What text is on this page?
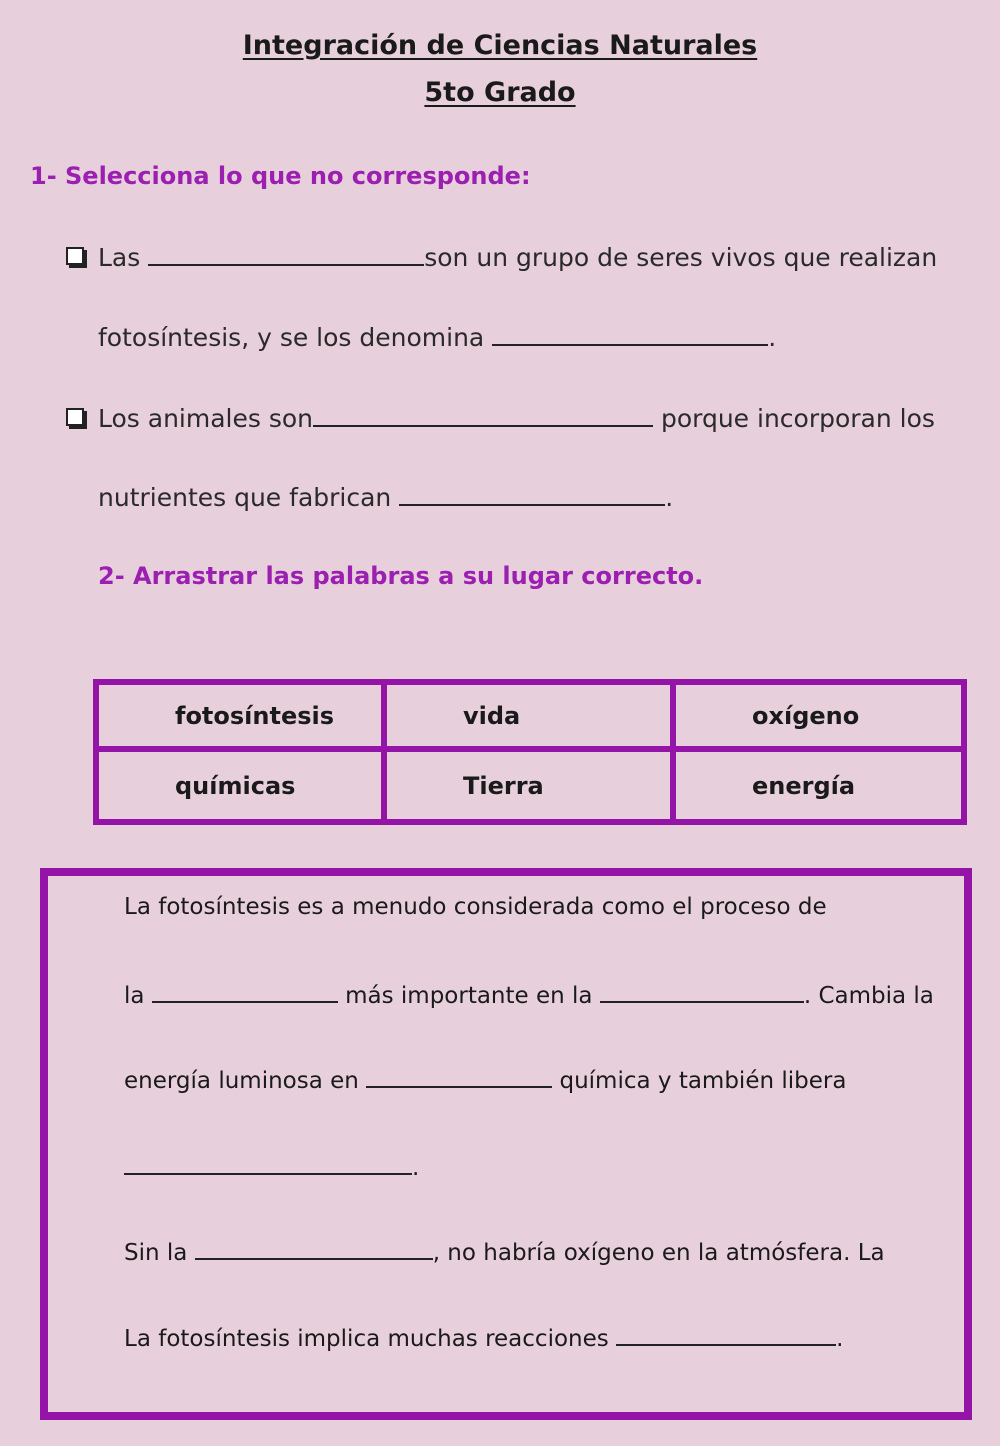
Integración de Ciencias Naturales
5to Grado

1- Selecciona lo que no corresponde:

Las	son un grupo de seres vivos que realizan

fotosíntesis, y se los denomina	.

Los animales son	porque incorporan los

nutrientes que fabrican	.

2- Arrastrar las palabras a su lugar correcto.

fotosíntesis	vida	oxígeno
químicas	Tierra	energía

La fotosíntesis es a menudo considerada como el proceso de

la	más importante en la	. Cambia la

energía luminosa en	química y también libera

.

Sin la	, no habría oxígeno en la atmósfera. La

La fotosíntesis implica muchas reacciones	.
